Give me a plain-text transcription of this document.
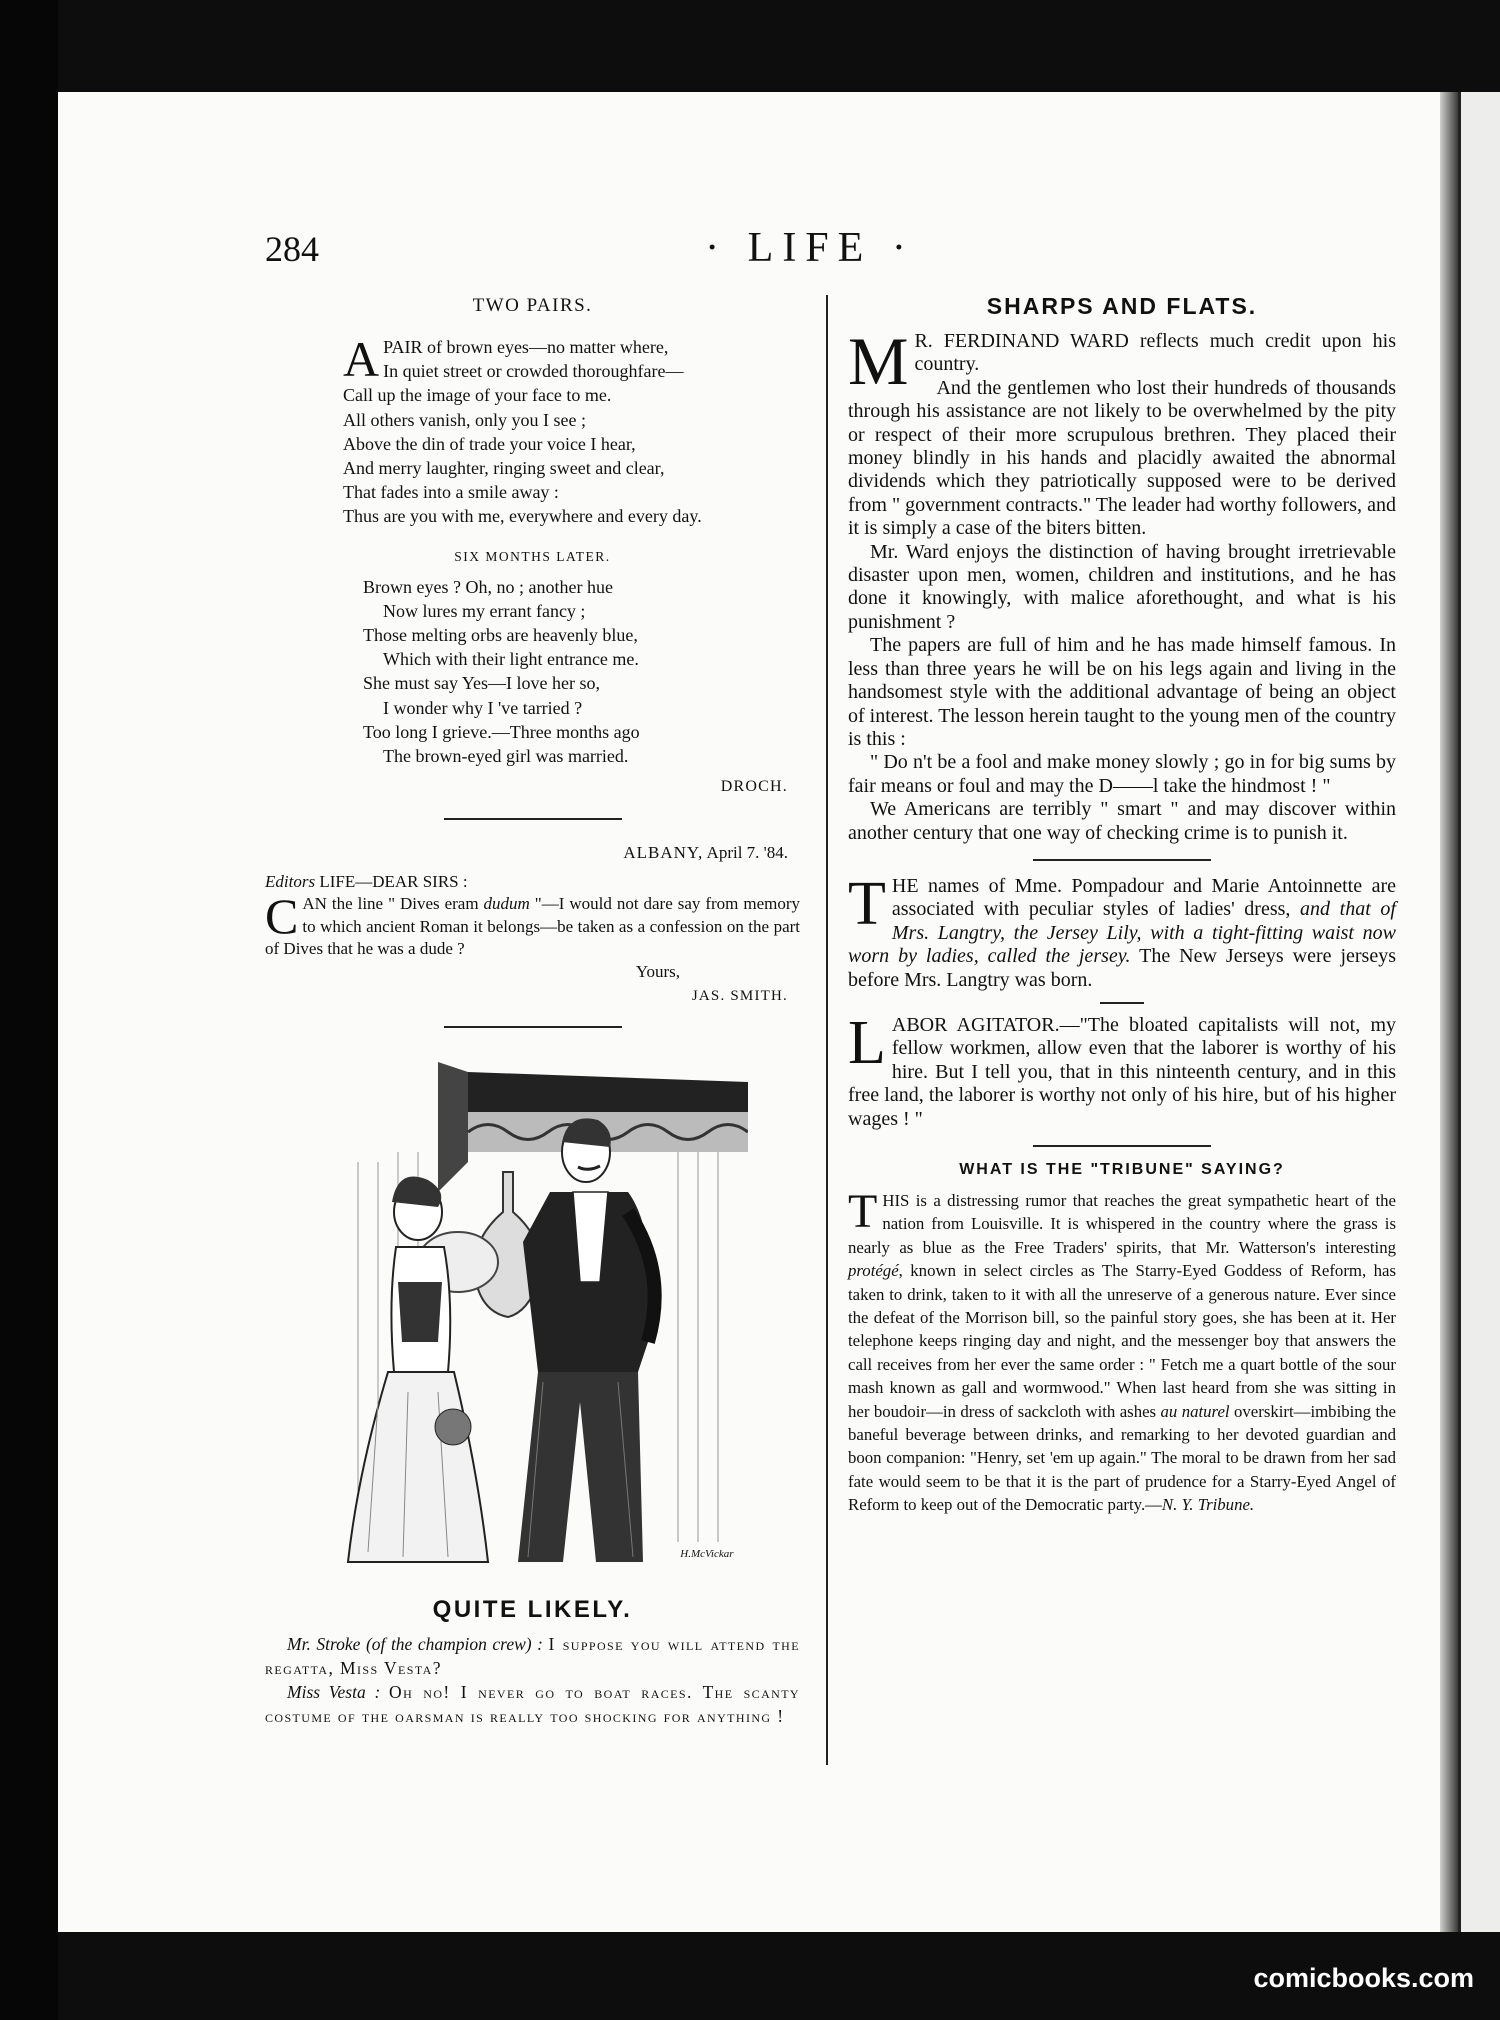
284	· LIFE ·
TWO PAIRS.
A PAIR of brown eyes—no matter where,
In quiet street or crowded thoroughfare—
Call up the image of your face to me.
All others vanish, only you I see ;
Above the din of trade your voice I hear,
And merry laughter, ringing sweet and clear,
That fades into a smile away :
Thus are you with me, everywhere and every day.
SIX MONTHS LATER.
Brown eyes ? Oh, no ; another hue
Now lures my errant fancy ;
Those melting orbs are heavenly blue,
Which with their light entrance me.
She must say Yes—I love her so,
I wonder why I 've tarried ?
Too long I grieve.—Three months ago
The brown-eyed girl was married.
DROCH.
ALBANY, April 7. '84.
Editors LIFE—DEAR SIRS :
CAN the line " Dives eram dudum "—I would not dare say from memory to which ancient Roman it belongs—be taken as a confession on the part of Dives that he was a dude ?
Yours,
JAS. SMITH.
H.McVickar
QUITE LIKELY.

Mr. Stroke (of the champion crew) : I suppose you will attend the regatta, Miss Vesta?

Miss Vesta : Oh no! I never go to boat races. The scanty costume of the oarsman is really too shocking for anything !

SHARPS AND FLATS.

M R. FERDINAND WARD reflects much credit upon his country.

And the gentlemen who lost their hundreds of thousands through his assistance are not likely to be overwhelmed by the pity or respect of their more scrupulous brethren. They placed their money blindly in his hands and placidly awaited the abnormal dividends which they patriotically supposed were to be derived from " government contracts." The leader had worthy followers, and it is simply a case of the biters bitten.

Mr. Ward enjoys the distinction of having brought irretrievable disaster upon men, women, children and institutions, and he has done it knowingly, with malice aforethought, and what is his punishment ?

The papers are full of him and he has made himself famous. In less than three years he will be on his legs again and living in the handsomest style with the additional advantage of being an object of interest. The lesson herein taught to the young men of the country is this :

" Do n't be a fool and make money slowly ; go in for big sums by fair means or foul and may the D——l take the hindmost ! "

We Americans are terribly " smart " and may discover within another century that one way of checking crime is to punish it.

THE names of Mme. Pompadour and Marie Antoinnette are associated with peculiar styles of ladies' dress, and that of Mrs. Langtry, the Jersey Lily, with a tight-fitting waist now worn by ladies, called the jersey. The New Jerseys were jerseys before Mrs. Langtry was born.

LABOR AGITATOR.—"The bloated capitalists will not, my fellow workmen, allow even that the laborer is worthy of his hire. But I tell you, that in this ninteenth century, and in this free land, the laborer is worthy not only of his hire, but of his higher wages ! "

WHAT IS THE "TRIBUNE" SAYING?

THIS is a distressing rumor that reaches the great sympathetic heart of the nation from Louisville. It is whispered in the country where the grass is nearly as blue as the Free Traders' spirits, that Mr. Watterson's interesting protégé, known in select circles as The Starry-Eyed Goddess of Reform, has taken to drink, taken to it with all the unreserve of a generous nature. Ever since the defeat of the Morrison bill, so the painful story goes, she has been at it. Her telephone keeps ringing day and night, and the messenger boy that answers the call receives from her ever the same order : " Fetch me a quart bottle of the sour mash known as gall and wormwood." When last heard from she was sitting in her boudoir—in dress of sackcloth with ashes au naturel overskirt—imbibing the baneful beverage between drinks, and remarking to her devoted guardian and boon companion: "Henry, set 'em up again." The moral to be drawn from her sad fate would seem to be that it is the part of prudence for a Starry-Eyed Angel of Reform to keep out of the Democratic party.—N. Y. Tribune.

comicbooks.com
